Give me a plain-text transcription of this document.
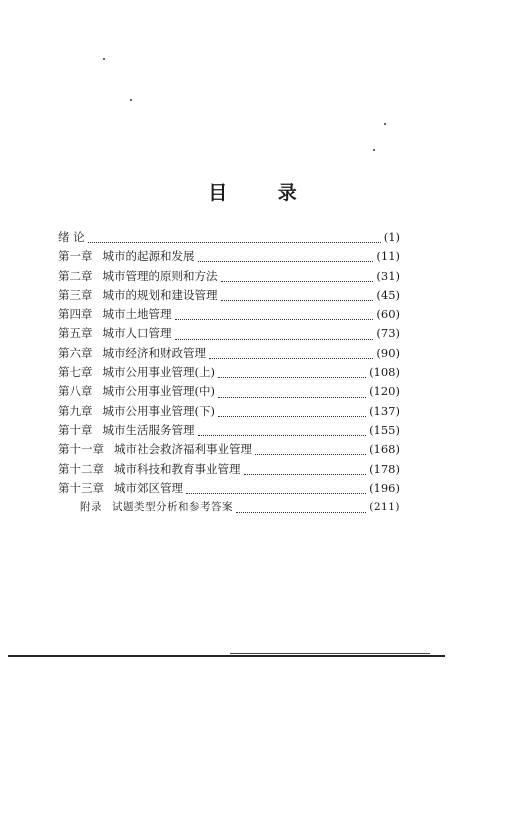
目 录
绪 论	(1)
第一章 城市的起源和发展	(11)
第二章 城市管理的原则和方法	(31)
第三章 城市的规划和建设管理	(45)
第四章 城市土地管理	(60)
第五章 城市人口管理	(73)
第六章 城市经济和财政管理	(90)
第七章 城市公用事业管理(上)	(108)
第八章 城市公用事业管理(中)	(120)
第九章 城市公用事业管理(下)	(137)
第十章 城市生活服务管理	(155)
第十一章 城市社会救济福利事业管理	(168)
第十二章 城市科技和教育事业管理	(178)
第十三章 城市郊区管理	(196)
附录 试题类型分析和参考答案	(211)
